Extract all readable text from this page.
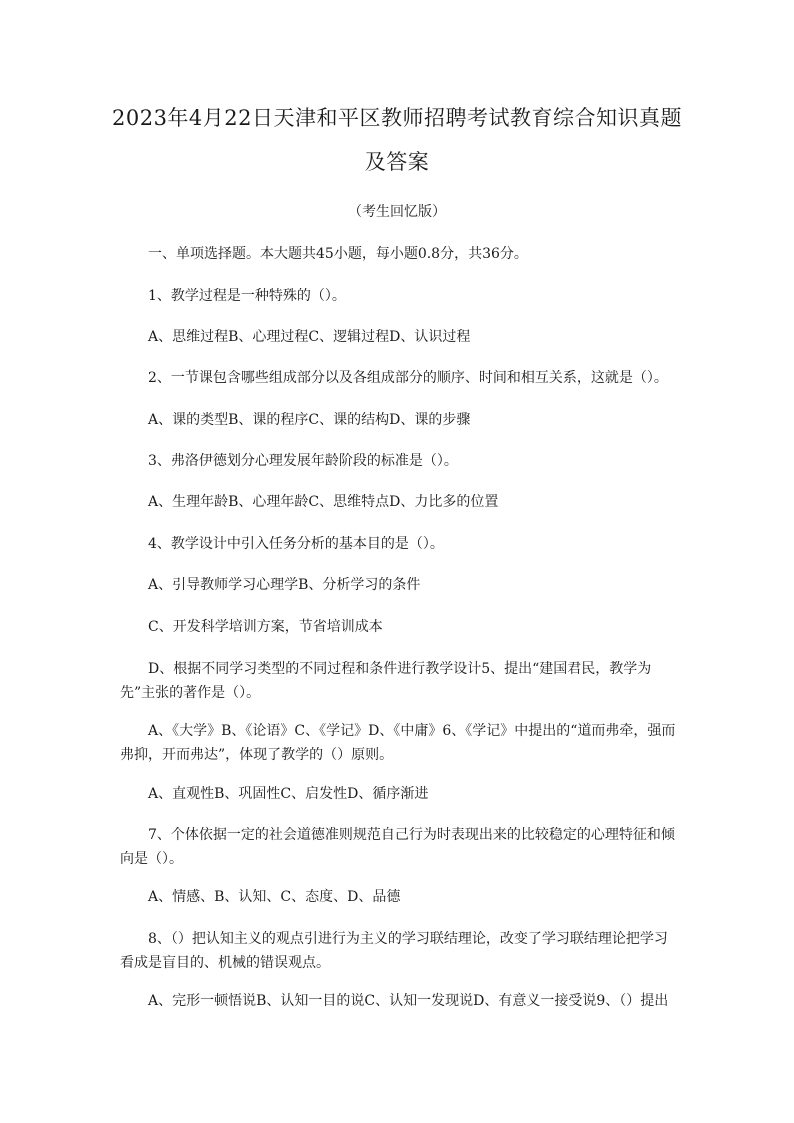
2023年4月22日天津和平区教师招聘考试教育综合知识真题及答案
（考生回忆版）
一、单项选择题。本大题共45小题，每小题0.8分，共36分。
1、教学过程是一种特殊的（）。
A、思维过程B、心理过程C、逻辑过程D、认识过程
2、一节课包含哪些组成部分以及各组成部分的顺序、时间和相互关系，这就是（）。
A、课的类型B、课的程序C、课的结构D、课的步骤
3、弗洛伊德划分心理发展年龄阶段的标准是（）。
A、生理年龄B、心理年龄C、思维特点D、力比多的位置
4、教学设计中引入任务分析的基本目的是（）。
A、引导教师学习心理学B、分析学习的条件
C、开发科学培训方案，节省培训成本
D、根据不同学习类型的不同过程和条件进行教学设计5、提出“建国君民，教学为先”主张的著作是（）。
A、《大学》B、《论语》C、《学记》D、《中庸》6、《学记》中提出的“道而弗牵，强而弗抑，开而弗达”，体现了教学的（）原则。
A、直观性B、巩固性C、启发性D、循序渐进
7、个体依据一定的社会道德准则规范自己行为时表现出来的比较稳定的心理特征和倾向是（）。
A、情感、B、认知、C、态度、D、品德
8、（）把认知主义的观点引进行为主义的学习联结理论，改变了学习联结理论把学习看成是盲目的、机械的错误观点。
A、完形一顿悟说B、认知一目的说C、认知一发现说D、有意义一接受说9、（）提出
